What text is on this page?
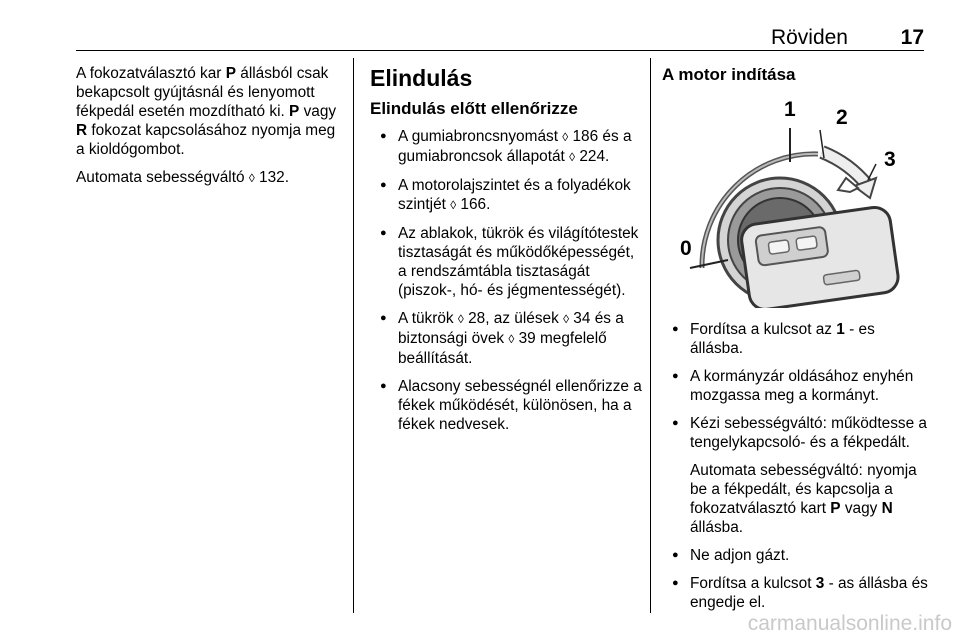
Röviden	17

A fokozatválasztó kar P állásból csak bekapcsolt gyújtásnál és lenyomott fékpedál esetén mozdítható ki. P vagy R fokozat kapcsolásához nyomja meg a kioldógombot.

Automata sebességváltó ◊ 132.

Elindulás
Elindulás előtt ellenőrizze
● A gumiabroncsnyomást ◊ 186 és a gumiabroncsok állapotát ◊ 224.
● A motorolajszintet és a folyadékok szintjét ◊ 166.
● Az ablakok, tükrök és világítótestek tisztaságát és működőképességét, a rendszámtábla tisztaságát (piszok-, hó- és jégmentességét).
● A tükrök ◊ 28, az ülések ◊ 34 és a biztonsági övek ◊ 39 megfelelő beállítását.
● Alacsony sebességnél ellenőrizze a fékek működését, különösen, ha a fékek nedvesek.
A motor indítása
0
1 2
3
● Fordítsa a kulcsot az 1 - es állásba.
● A kormányzár oldásához enyhén mozgassa meg a kormányt.
● Kézi sebességváltó: működtesse a tengelykapcsoló- és a fékpedált.
Automata sebességváltó: nyomja be a fékpedált, és kapcsolja a fokozatválasztó kart P vagy N állásba.
● Ne adjon gázt.
● Fordítsa a kulcsot 3 - as állásba és engedje el.
carmanualsonline.info
